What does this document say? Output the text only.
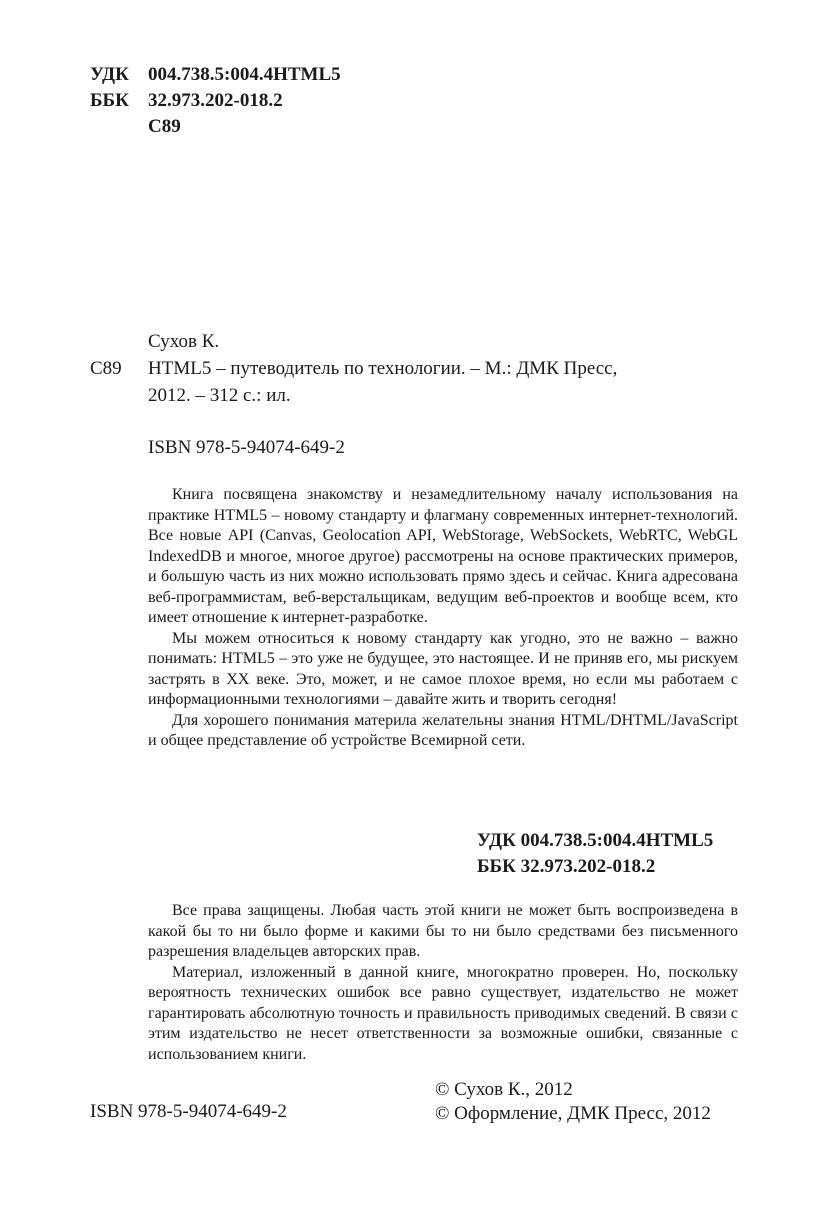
УДК	004.738.5:004.4HTML5
ББК	32.973.202-018.2
С89
Сухов К.
С89	HTML5 – путеводитель по технологии. – М.: ДМК Пресс,
2012. – 312 с.: ил.
ISBN 978-5-94074-649-2

Книга посвящена знакомству и незамедлительному началу использования на практике HTML5 – новому стандарту и флагману современных интернет-технологий. Все новые API (Canvas, Geolocation API, WebStorage, WebSockets, WebRTC, WebGL IndexedDB и многое, многое другое) рассмотрены на основе практических примеров, и большую часть из них можно использовать прямо здесь и сейчас. Книга адресована веб-программистам, веб-верстальщикам, ведущим веб-проектов и вообще всем, кто имеет отношение к интернет-разработке.

Мы можем относиться к новому стандарту как угодно, это не важно – важно понимать: HTML5 – это уже не будущее, это настоящее. И не приняв его, мы рискуем застрять в XX веке. Это, может, и не самое плохое время, но если мы работаем с информационными технологиями – давайте жить и творить сегодня!

Для хорошего понимания материла желательны знания HTML/DHTML/JavaScript и общее представление об устройстве Всемирной сети.

УДК 004.738.5:004.4HTML5
ББК 32.973.202-018.2

Все права защищены. Любая часть этой книги не может быть воспроизведена в какой бы то ни было форме и какими бы то ни было средствами без письменного разрешения владельцев авторских прав.

Материал, изложенный в данной книге, многократно проверен. Но, поскольку вероятность технических ошибок все равно существует, издательство не может гарантировать абсолютную точность и правильность приводимых сведений. В связи с этим издательство не несет ответственности за возможные ошибки, связанные с использованием книги.

ISBN 978-5-94074-649-2
© Сухов К., 2012
© Оформление, ДМК Пресс, 2012
